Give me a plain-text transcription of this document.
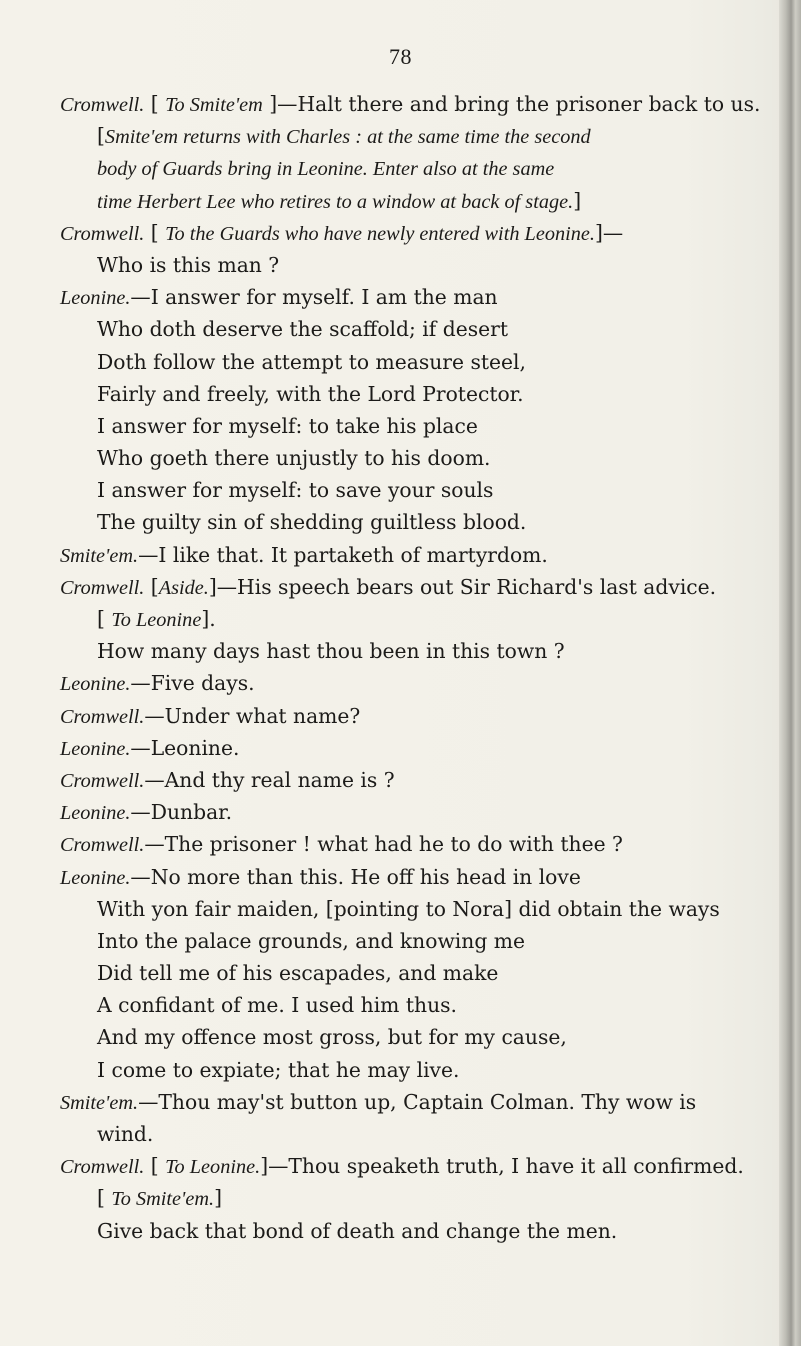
78
Cromwell. [ To Smite'em ]—Halt there and bring the prisoner back to us.
[Smite'em returns with Charles : at the same time the second
body of Guards bring in Leonine. Enter also at the same
time Herbert Lee who retires to a window at back of stage.]
Cromwell. [ To the Guards who have newly entered with Leonine.]—
Who is this man ?
Leonine.—I answer for myself. I am the man
Who doth deserve the scaffold; if desert
Doth follow the attempt to measure steel,
Fairly and freely, with the Lord Protector.
I answer for myself: to take his place
Who goeth there unjustly to his doom.
I answer for myself: to save your souls
The guilty sin of shedding guiltless blood.
Smite'em.—I like that. It partaketh of martyrdom.
Cromwell. [Aside.]—His speech bears out Sir Richard's last advice.
[ To Leonine].
How many days hast thou been in this town ?
Leonine.—Five days.
Cromwell.—Under what name?
Leonine.—Leonine.
Cromwell.—And thy real name is ?
Leonine.—Dunbar.
Cromwell.—The prisoner ! what had he to do with thee ?
Leonine.—No more than this. He off his head in love
With yon fair maiden, [pointing to Nora] did obtain the ways
Into the palace grounds, and knowing me
Did tell me of his escapades, and make
A confidant of me. I used him thus.
And my offence most gross, but for my cause,
I come to expiate; that he may live.
Smite'em.—Thou may'st button up, Captain Colman. Thy wow is
wind.
Cromwell. [ To Leonine.]—Thou speaketh truth, I have it all confirmed.
[ To Smite'em.]
Give back that bond of death and change the men.
